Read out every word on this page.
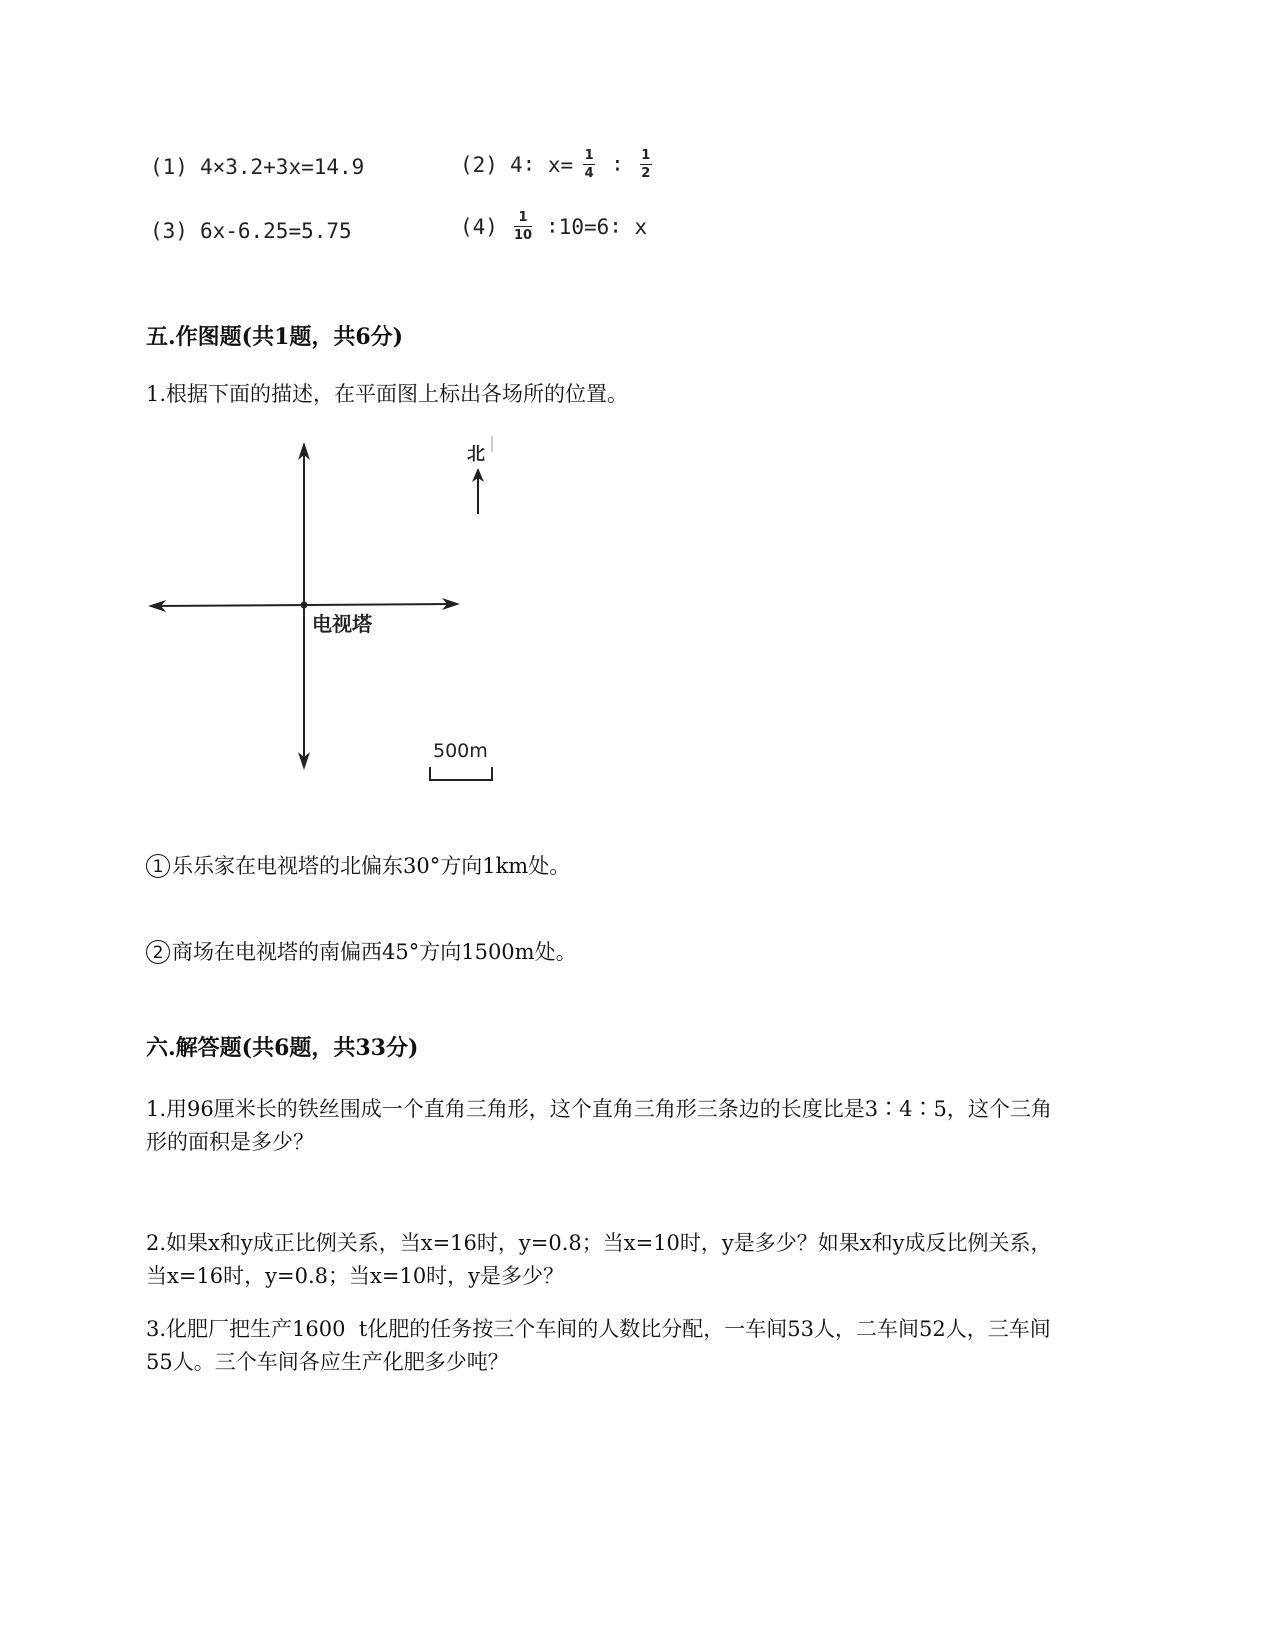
(1) 4×3.2+3x=14.9	(2) 4∶ $x= \frac{1}{4}$ ∶ $\frac{1}{2}$
(3) 6x-6.25=5.75	$(4) \frac{1}{10}$ ∶10=6∶ x
五.作图题(共1题，共6分)
1.根据下面的描述，在平面图上标出各场所的位置。
电视塔
北
500m
1 乐乐家在电视塔的北偏东30°方向1km处。
2 商场在电视塔的南偏西45°方向1500m处。
六.解答题(共6题，共33分)
1.用96厘米长的铁丝围成一个直角三角形，这个直角三角形三条边的长度比是3∶4∶5，这个三角形的面积是多少？
2.如果x和y成正比例关系，当x=16时，y=0.8；当x=10时，y是多少？如果x和y成反比例关系，当x=16时，y=0.8；当x=10时，y是多少？
3.化肥厂把生产1600  t化肥的任务按三个车间的人数比分配，一车间53人，二车间52人，三车间55人。三个车间各应生产化肥多少吨？
